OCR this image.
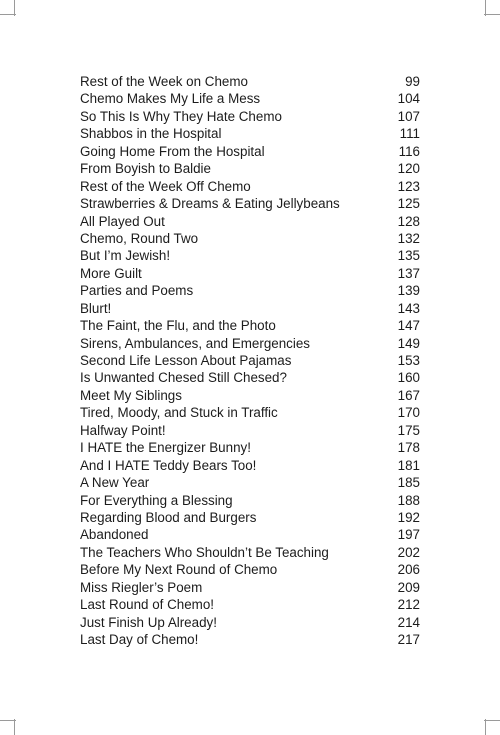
Rest of the Week on Chemo	99
Chemo Makes My Life a Mess	104
So This Is Why They Hate Chemo	107
Shabbos in the Hospital	111
Going Home From the Hospital	116
From Boyish to Baldie	120
Rest of the Week Off Chemo	123
Strawberries & Dreams & Eating Jellybeans	125
All Played Out	128
Chemo, Round Two	132
But I’m Jewish!	135
More Guilt	137
Parties and Poems	139
Blurt!	143
The Faint, the Flu, and the Photo	147
Sirens, Ambulances, and Emergencies	149
Second Life Lesson About Pajamas	153
Is Unwanted Chesed Still Chesed?	160
Meet My Siblings	167
Tired, Moody, and Stuck in Traffic	170
Halfway Point!	175
I HATE the Energizer Bunny!	178
And I HATE Teddy Bears Too!	181
A New Year	185
For Everything a Blessing	188
Regarding Blood and Burgers	192
Abandoned	197
The Teachers Who Shouldn’t Be Teaching	202
Before My Next Round of Chemo	206
Miss Riegler’s Poem	209
Last Round of Chemo!	212
Just Finish Up Already!	214
Last Day of Chemo!	217
